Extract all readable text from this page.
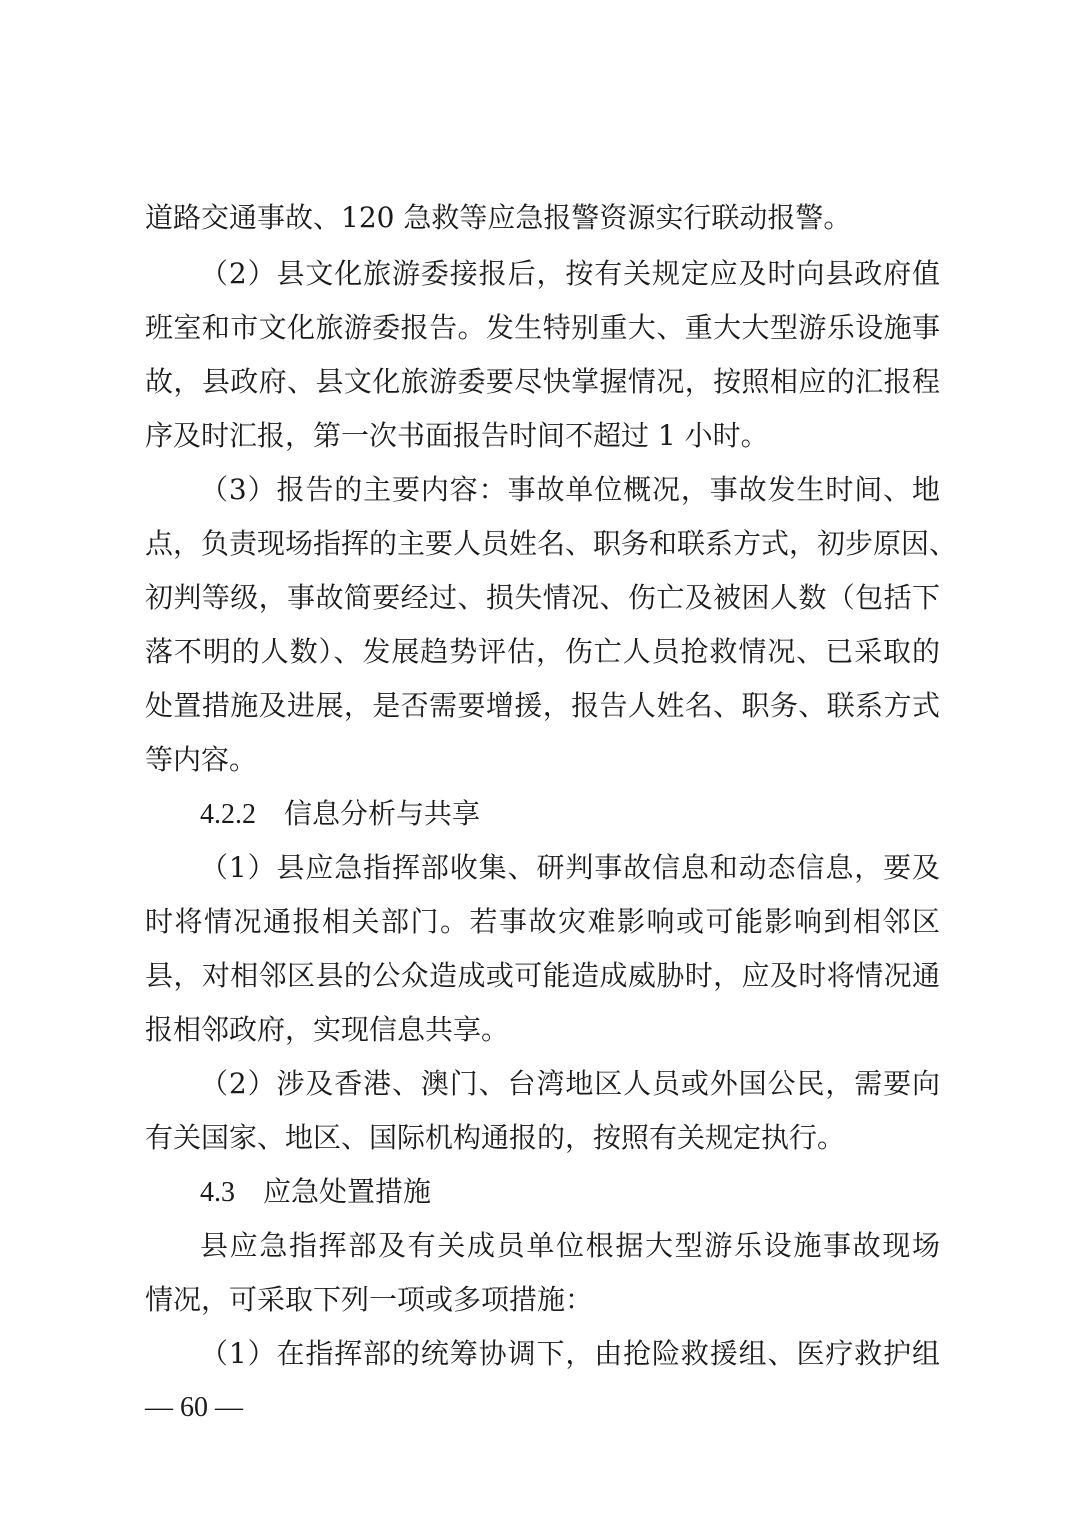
道路交通事故、120 急救等应急报警资源实行联动报警。
（2）县文化旅游委接报后，按有关规定应及时向县政府值
班室和市文化旅游委报告。发生特别重大、重大大型游乐设施事
故，县政府、县文化旅游委要尽快掌握情况，按照相应的汇报程
序及时汇报，第一次书面报告时间不超过 1 小时。
（3）报告的主要内容：事故单位概况，事故发生时间、地
点，负责现场指挥的主要人员姓名、职务和联系方式，初步原因、
初判等级，事故简要经过、损失情况、伤亡及被困人数（包括下
落不明的人数）、发展趋势评估，伤亡人员抢救情况、已采取的
处置措施及进展，是否需要增援，报告人姓名、职务、联系方式
等内容。
4.2.2 信息分析与共享
（1）县应急指挥部收集、研判事故信息和动态信息，要及
时将情况通报相关部门。若事故灾难影响或可能影响到相邻区
县，对相邻区县的公众造成或可能造成威胁时，应及时将情况通
报相邻政府，实现信息共享。
（2）涉及香港、澳门、台湾地区人员或外国公民，需要向
有关国家、地区、国际机构通报的，按照有关规定执行。
4.3 应急处置措施
县应急指挥部及有关成员单位根据大型游乐设施事故现场
情况，可采取下列一项或多项措施：
（1）在指挥部的统筹协调下，由抢险救援组、医疗救护组
— 60 —
